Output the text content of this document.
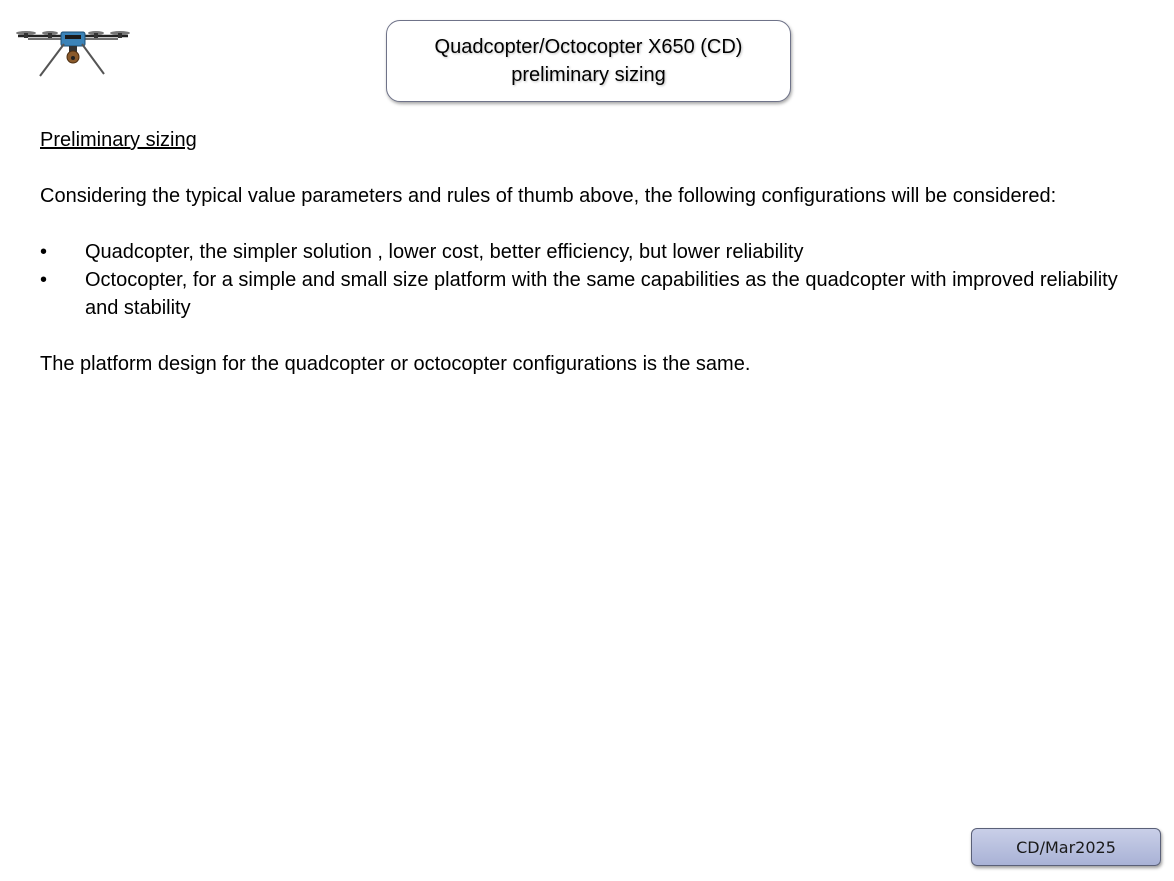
Quadcopter/Octocopter X650 (CD)
preliminary sizing

Preliminary sizing

Considering the typical value parameters and rules of thumb above, the following configurations will be considered:

• Quadcopter, the simpler solution , lower cost, better efficiency, but lower reliability
• Octocopter, for a simple and small size platform with the same capabilities as the quadcopter with improved reliability and stability

The platform design for the quadcopter or octocopter configurations is the same.

CD/Mar2025
